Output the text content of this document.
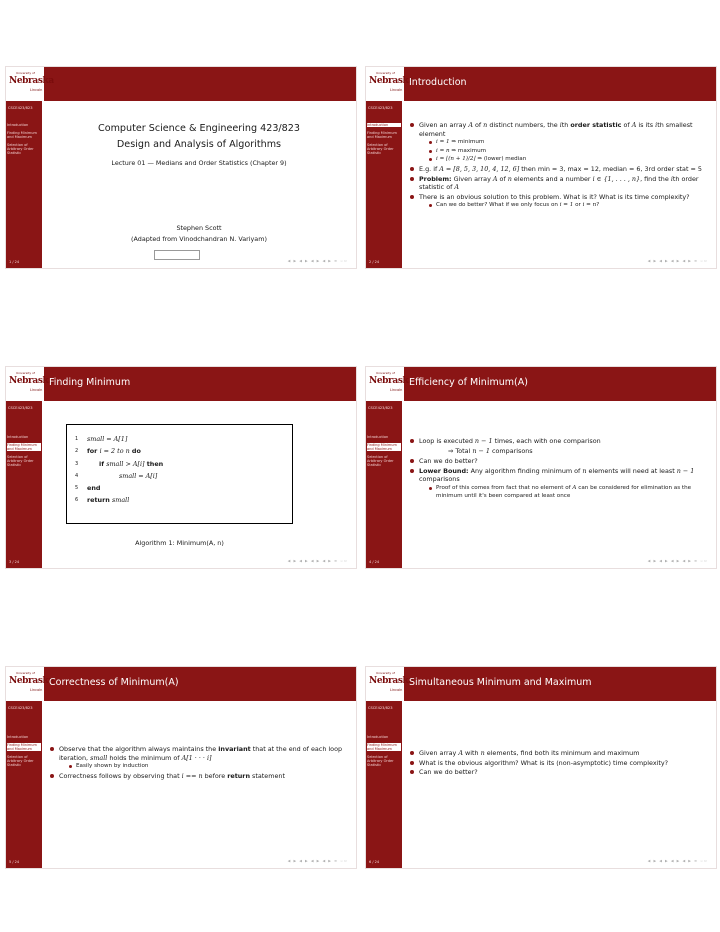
University of
Nebraska
Lincoln
CSCE423/823
Introduction
Finding Minimum and Maximum
Selection of Arbitrary Order Statistic
1 / 24
Computer Science & Engineering 423/823
Design and Analysis of Algorithms
Lecture 01 — Medians and Order Statistics (Chapter 9)
Stephen Scott
(Adapted from Vinodchandran N. Variyam)
◀ ▶ ◀ ▶ ◀ ▶ ◀ ▶ ≡ ∽⁠∾
University of
Nebraska
Lincoln
Introduction
CSCE423/823
Introduction
Finding Minimum and Maximum
Selection of Arbitrary Order Statistic
2 / 24
Given an array A of n distinct numbers, the ith order statistic of A is its ith smallest element
i = 1 ⇒ minimum
i = n ⇒ maximum
i = ⌊(n + 1)/2⌋ ⇒ (lower) median
E.g. if A = [8, 5, 3, 10, 4, 12, 6] then min = 3, max = 12, median = 6, 3rd order stat = 5
Problem: Given array A of n elements and a number i ∈ {1, . . . , n}, find the ith order statistic of A
There is an obvious solution to this problem. What is it? What is its time complexity?
Can we do better? What if we only focus on i = 1 or i = n?
◀ ▶ ◀ ▶ ◀ ▶ ◀ ▶ ≡ ∽⁠∾
University of
Nebraska
Lincoln
Finding Minimum
CSCE423/823
Introduction
Finding Minimum and Maximum
Selection of Arbitrary Order Statistic
3 / 24
1 small = A[1]
2 for i = 2 to n do
3	if small > A[i] then
4	small = A[i]
5 end
6 return small
Algorithm 1: Minimum(A, n)
◀ ▶ ◀ ▶ ◀ ▶ ◀ ▶ ≡ ∽⁠∾
University of
Nebraska
Lincoln
Efficiency of Minimum(A)
CSCE423/823
Introduction
Finding Minimum and Maximum
Selection of Arbitrary Order Statistic
4 / 24
Loop is executed n − 1 times, each with one comparison
⇒ Total n − 1 comparisons
Can we do better?
Lower Bound: Any algorithm finding minimum of n elements will need at least n − 1 comparisons
Proof of this comes from fact that no element of A can be considered for elimination as the minimum until it's been compared at least once
◀ ▶ ◀ ▶ ◀ ▶ ◀ ▶ ≡ ∽⁠∾
University of
Nebraska
Lincoln
Correctness of Minimum(A)
CSCE423/823
Introduction
Finding Minimum and Maximum
Selection of Arbitrary Order Statistic
5 / 24
Observe that the algorithm always maintains the invariant that at the end of each loop iteration, small holds the minimum of A[1 · · · i]
Easily shown by induction
Correctness follows by observing that i == n before return statement
◀ ▶ ◀ ▶ ◀ ▶ ◀ ▶ ≡ ∽⁠∾
University of
Nebraska
Lincoln
Simultaneous Minimum and Maximum
CSCE423/823
Introduction
Finding Minimum and Maximum
Selection of Arbitrary Order Statistic
6 / 24
Given array A with n elements, find both its minimum and maximum
What is the obvious algorithm? What is its (non-asymptotic) time complexity?
Can we do better?
◀ ▶ ◀ ▶ ◀ ▶ ◀ ▶ ≡ ∽⁠∾
